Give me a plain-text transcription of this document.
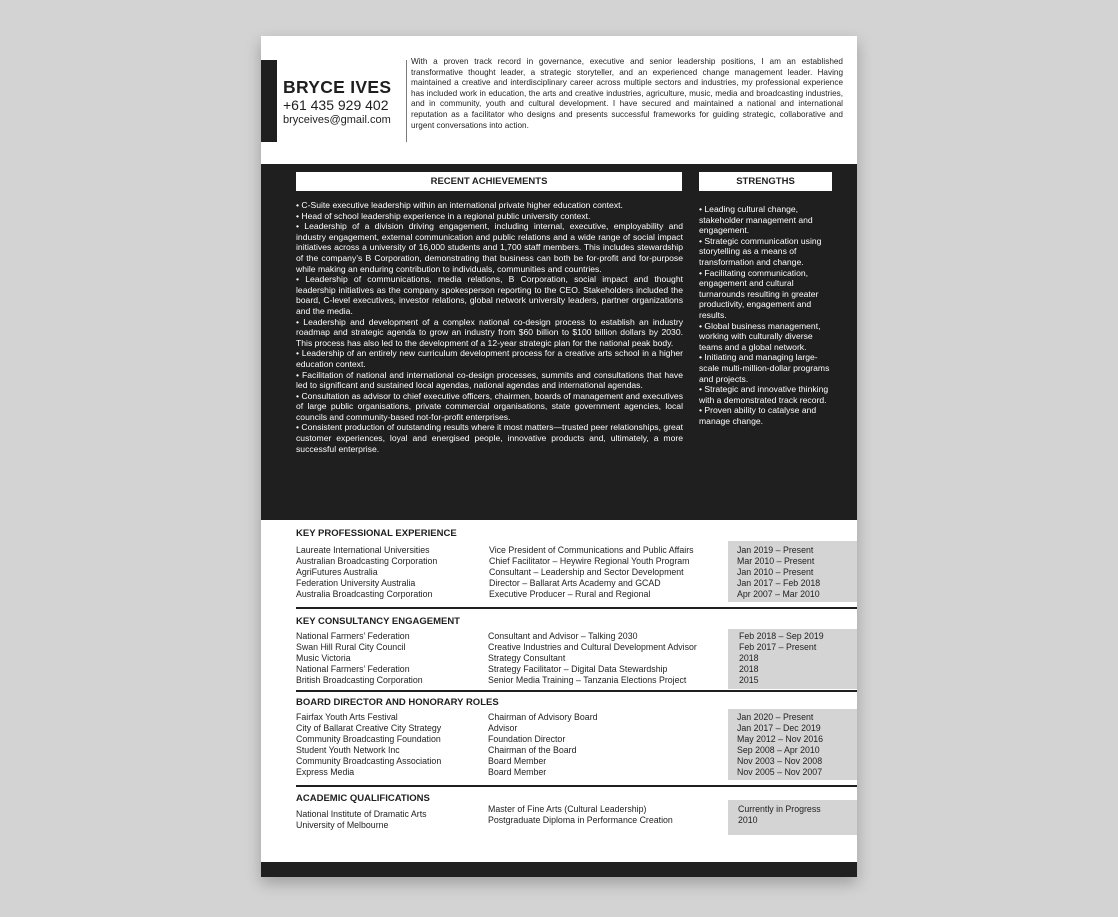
BRYCE IVES
+61 435 929 402
bryceives@gmail.com
With a proven track record in governance, executive and senior leadership positions, I am an established transformative thought leader, a strategic storyteller, and an experienced change management leader. Having maintained a creative and interdisciplinary career across multiple sectors and industries, my professional experience has included work in education, the arts and creative industries, agriculture, music, media and broadcasting industries, and in community, youth and cultural development. I have secured and maintained a national and international reputation as a facilitator who designs and presents successful frameworks for guiding strategic, collaborative and urgent conversations into action.
RECENT ACHIEVEMENTS	STRENGTHS
• C-Suite executive leadership within an international private higher education context.
• Head of school leadership experience in a regional public university context.
• Leadership of a division driving engagement, including internal, executive, employability and industry engagement, external communication and public relations and a wide range of social impact initiatives across a university of 16,000 students and 1,700 staff members. This includes stewardship of the company’s B Corporation, demonstrating that business can both be for-profit and for-purpose while making an enduring contribution to individuals, communities and countries.
• Leadership of communications, media relations, B Corporation, social impact and thought leadership initiatives as the company spokesperson reporting to the CEO. Stakeholders included the board, C-level executives, investor relations, global network university leaders, partner organizations and the media.
• Leadership and development of a complex national co-design process to establish an industry roadmap and strategic agenda to grow an industry from $60 billion to $100 billion dollars by 2030. This process has also led to the development of a 12-year strategic plan for the national peak body.
• Leadership of an entirely new curriculum development process for a creative arts school in a higher education context.
• Facilitation of national and international co-design processes, summits and consultations that have led to significant and sustained local agendas, national agendas and international agendas.
• Consultation as advisor to chief executive officers, chairmen, boards of management and executives of large public organisations, private commercial organisations, state government agencies, local councils and community-based not-for-profit enterprises.
• Consistent production of outstanding results where it most matters—trusted peer relationships, great customer experiences, loyal and energised people, innovative products and, ultimately, a more successful enterprise.
• Leading cultural change, stakeholder management and engagement.
• Strategic communication using storytelling as a means of transformation and change.
• Facilitating communication, engagement and cultural turnarounds resulting in greater productivity, engagement and results.
• Global business management, working with culturally diverse teams and a global network.
• Initiating and managing large-scale multi-million-dollar programs and projects.
• Strategic and innovative thinking with a demonstrated track record.
• Proven ability to catalyse and manage change.
KEY PROFESSIONAL EXPERIENCE
Laureate International Universities
Australian Broadcasting Corporation
AgriFutures Australia
Federation University Australia
Australia Broadcasting Corporation
Vice President of Communications and Public Affairs
Chief Facilitator – Heywire Regional Youth Program
Consultant – Leadership and Sector Development
Director – Ballarat Arts Academy and GCAD
Executive Producer – Rural and Regional
Jan 2019 – Present
Mar 2010 – Present
Jan 2010 – Present
Jan 2017 – Feb 2018
Apr 2007 – Mar 2010
KEY CONSULTANCY ENGAGEMENT
National Farmers’ Federation
Swan Hill Rural City Council
Music Victoria
National Farmers’ Federation
British Broadcasting Corporation
Consultant and Advisor – Talking 2030
Creative Industries and Cultural Development Advisor
Strategy Consultant
Strategy Facilitator – Digital Data Stewardship
Senior Media Training – Tanzania Elections Project
Feb 2018 – Sep 2019
Feb 2017 – Present
2018
2018
2015
BOARD DIRECTOR AND HONORARY ROLES
Fairfax Youth Arts Festival
City of Ballarat Creative City Strategy
Community Broadcasting Foundation
Student Youth Network Inc
Community Broadcasting Association
Express Media
Chairman of Advisory Board
Advisor
Foundation Director
Chairman of the Board
Board Member
Board Member
Jan 2020 – Present
Jan 2017 – Dec 2019
May 2012 – Nov 2016
Sep 2008 – Apr 2010
Nov 2003 – Nov 2008
Nov 2005 – Nov 2007
ACADEMIC QUALIFICATIONS
National Institute of Dramatic Arts
University of Melbourne
Master of Fine Arts (Cultural Leadership)
Postgraduate Diploma in Performance Creation
Currently in Progress
2010
